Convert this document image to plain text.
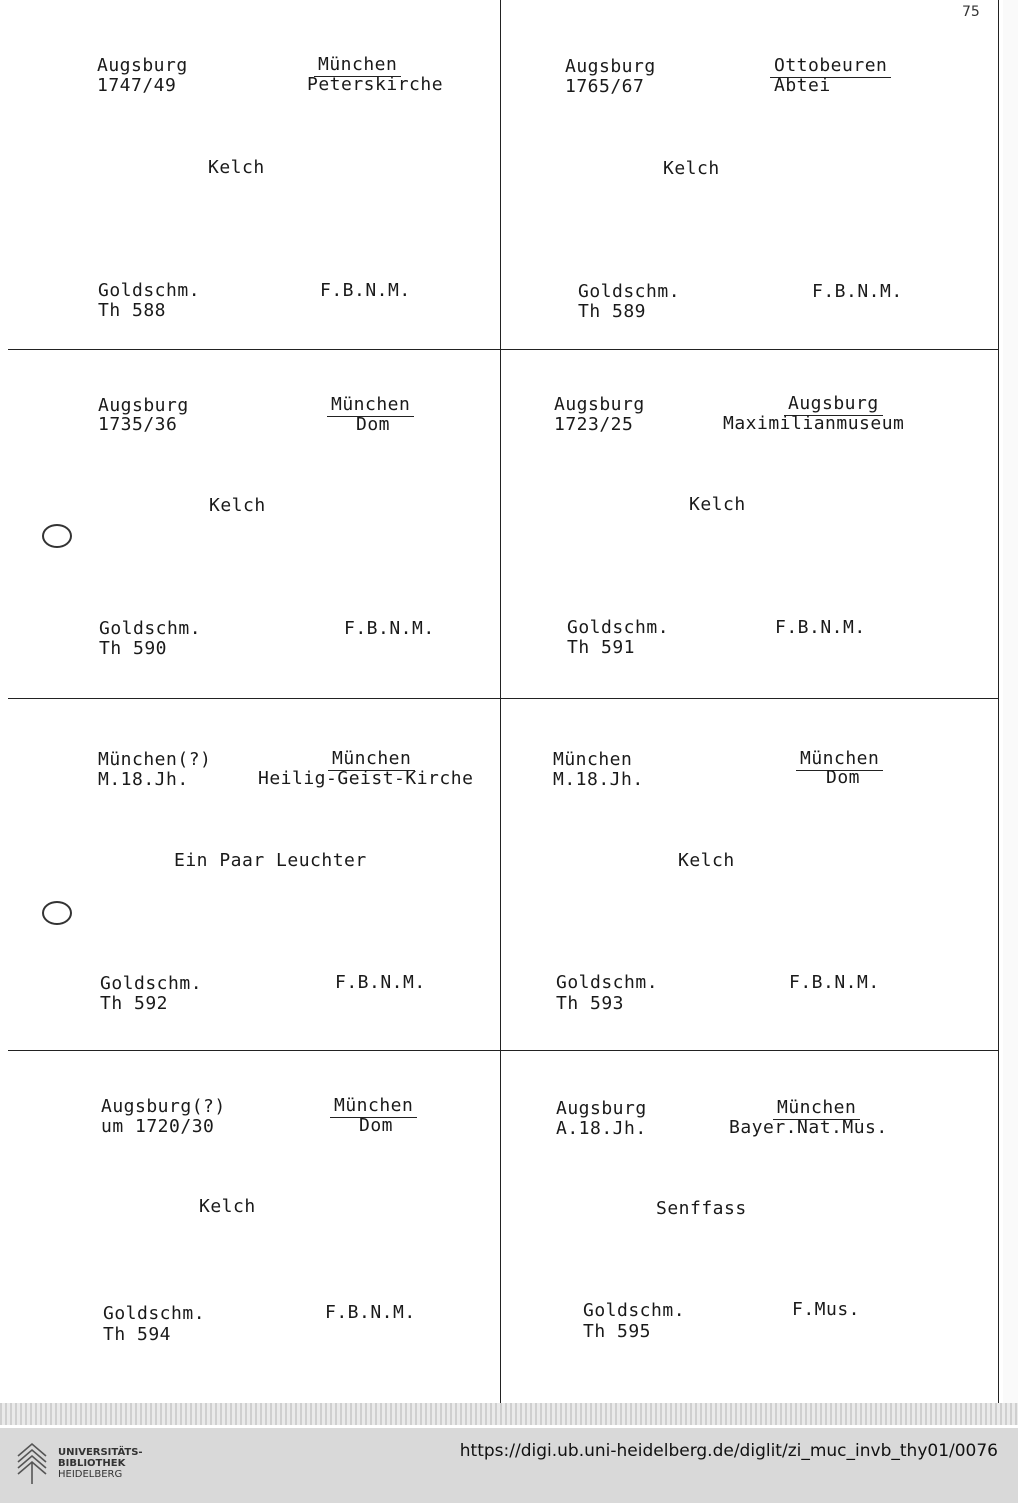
75
Augsburg
1747/49
München
Peterskirche
Kelch
Goldschm.
Th 588
F.B.N.M.
Augsburg
1765/67
Ottobeuren
Abtei
Kelch
Goldschm.
Th 589
F.B.N.M.
Augsburg
1735/36
München
Dom
Kelch
Goldschm.
Th 590
F.B.N.M.
Augsburg
1723/25
Augsburg
Maximilianmuseum
Kelch
Goldschm.
Th 591
F.B.N.M.
München(?)
M.18.Jh.
München
Heilig-Geist-Kirche
Ein Paar Leuchter
Goldschm.
Th 592
F.B.N.M.
München
M.18.Jh.
München
Dom
Kelch
Goldschm.
Th 593
F.B.N.M.
Augsburg(?)
um 1720/30
München
Dom
Kelch
Goldschm.
Th 594
F.B.N.M.
Augsburg
A.18.Jh.
München
Bayer.Nat.Mus.
Senffass
Goldschm.
Th 595
F.Mus.
UNIVERSITÄTS-
BIBLIOTHEK
HEIDELBERG
https://digi.ub.uni-heidelberg.de/diglit/zi_muc_invb_thy01/0076
